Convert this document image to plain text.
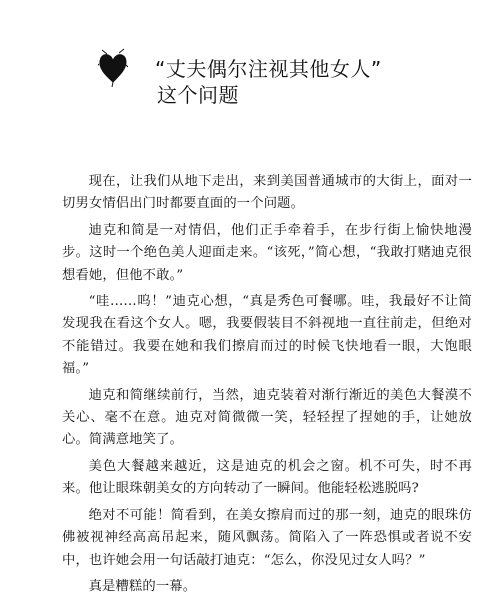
“丈夫偶尔注视其他女人”
这个问题

现在，让我们从地下走出，来到美国普通城市的大街上，面对一切男女情侣出门时都要直面的一个问题。

迪克和简是一对情侣，他们正手牵着手，在步行街上愉快地漫步。这时一个绝色美人迎面走来。“该死，”简心想，“我敢打赌迪克很想看她，但他不敢。”

“哇……呜！”迪克心想，“真是秀色可餐哪。哇，我最好不让简发现我在看这个女人。嗯，我要假装目不斜视地一直往前走，但绝对不能错过。我要在她和我们擦肩而过的时候飞快地看一眼，大饱眼福。”

迪克和简继续前行，当然，迪克装着对渐行渐近的美色大餐漠不关心、毫不在意。迪克对简微微一笑，轻轻捏了捏她的手，让她放心。简满意地笑了。

美色大餐越来越近，这是迪克的机会之窗。机不可失，时不再来。他让眼珠朝美女的方向转动了一瞬间。他能轻松逃脱吗?

绝对不可能！简看到，在美女擦肩而过的那一刻，迪克的眼珠仿佛被视神经高高吊起来，随风飘荡。简陷入了一阵恐惧或者说不安中，也许她会用一句话敲打迪克：“怎么，你没见过女人吗？”

真是糟糕的一幕。
